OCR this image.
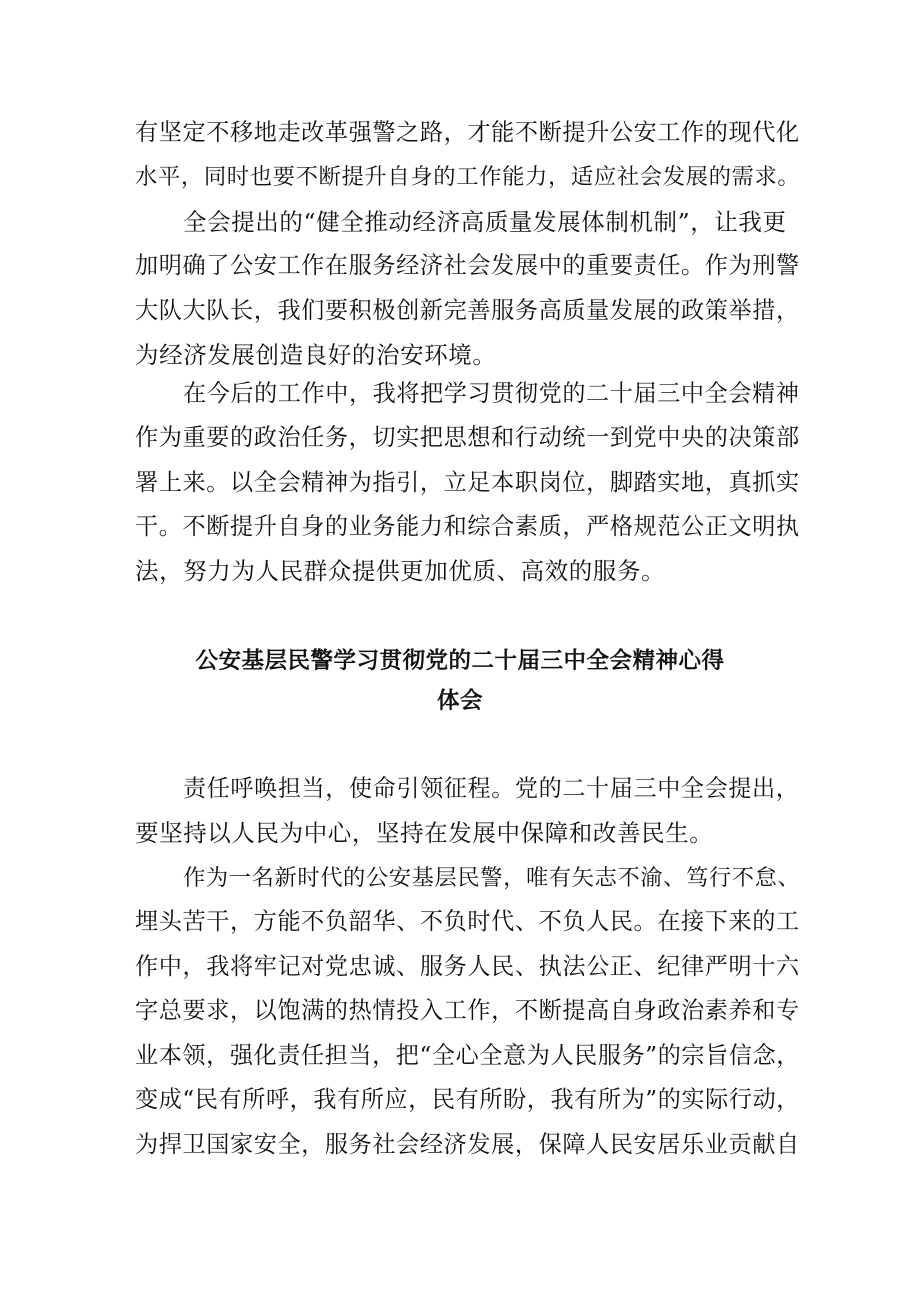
有坚定不移地走改革强警之路，才能不断提升公安工作的现代化
水平，同时也要不断提升自身的工作能力，适应社会发展的需求。
全会提出的“健全推动经济高质量发展体制机制”，让我更
加明确了公安工作在服务经济社会发展中的重要责任。作为刑警
大队大队长，我们要积极创新完善服务高质量发展的政策举措，
为经济发展创造良好的治安环境。
在今后的工作中，我将把学习贯彻党的二十届三中全会精神
作为重要的政治任务，切实把思想和行动统一到党中央的决策部
署上来。以全会精神为指引，立足本职岗位，脚踏实地，真抓实
干。不断提升自身的业务能力和综合素质，严格规范公正文明执
法，努力为人民群众提供更加优质、高效的服务。
公安基层民警学习贯彻党的二十届三中全会精神心得
体会
责任呼唤担当，使命引领征程。党的二十届三中全会提出，
要坚持以人民为中心，坚持在发展中保障和改善民生。
作为一名新时代的公安基层民警，唯有矢志不渝、笃行不怠、
埋头苦干，方能不负韶华、不负时代、不负人民。在接下来的工
作中，我将牢记对党忠诚、服务人民、执法公正、纪律严明十六
字总要求，以饱满的热情投入工作，不断提高自身政治素养和专
业本领，强化责任担当，把“全心全意为人民服务”的宗旨信念，
变成“民有所呼，我有所应，民有所盼，我有所为”的实际行动，
为捍卫国家安全，服务社会经济发展，保障人民安居乐业贡献自
